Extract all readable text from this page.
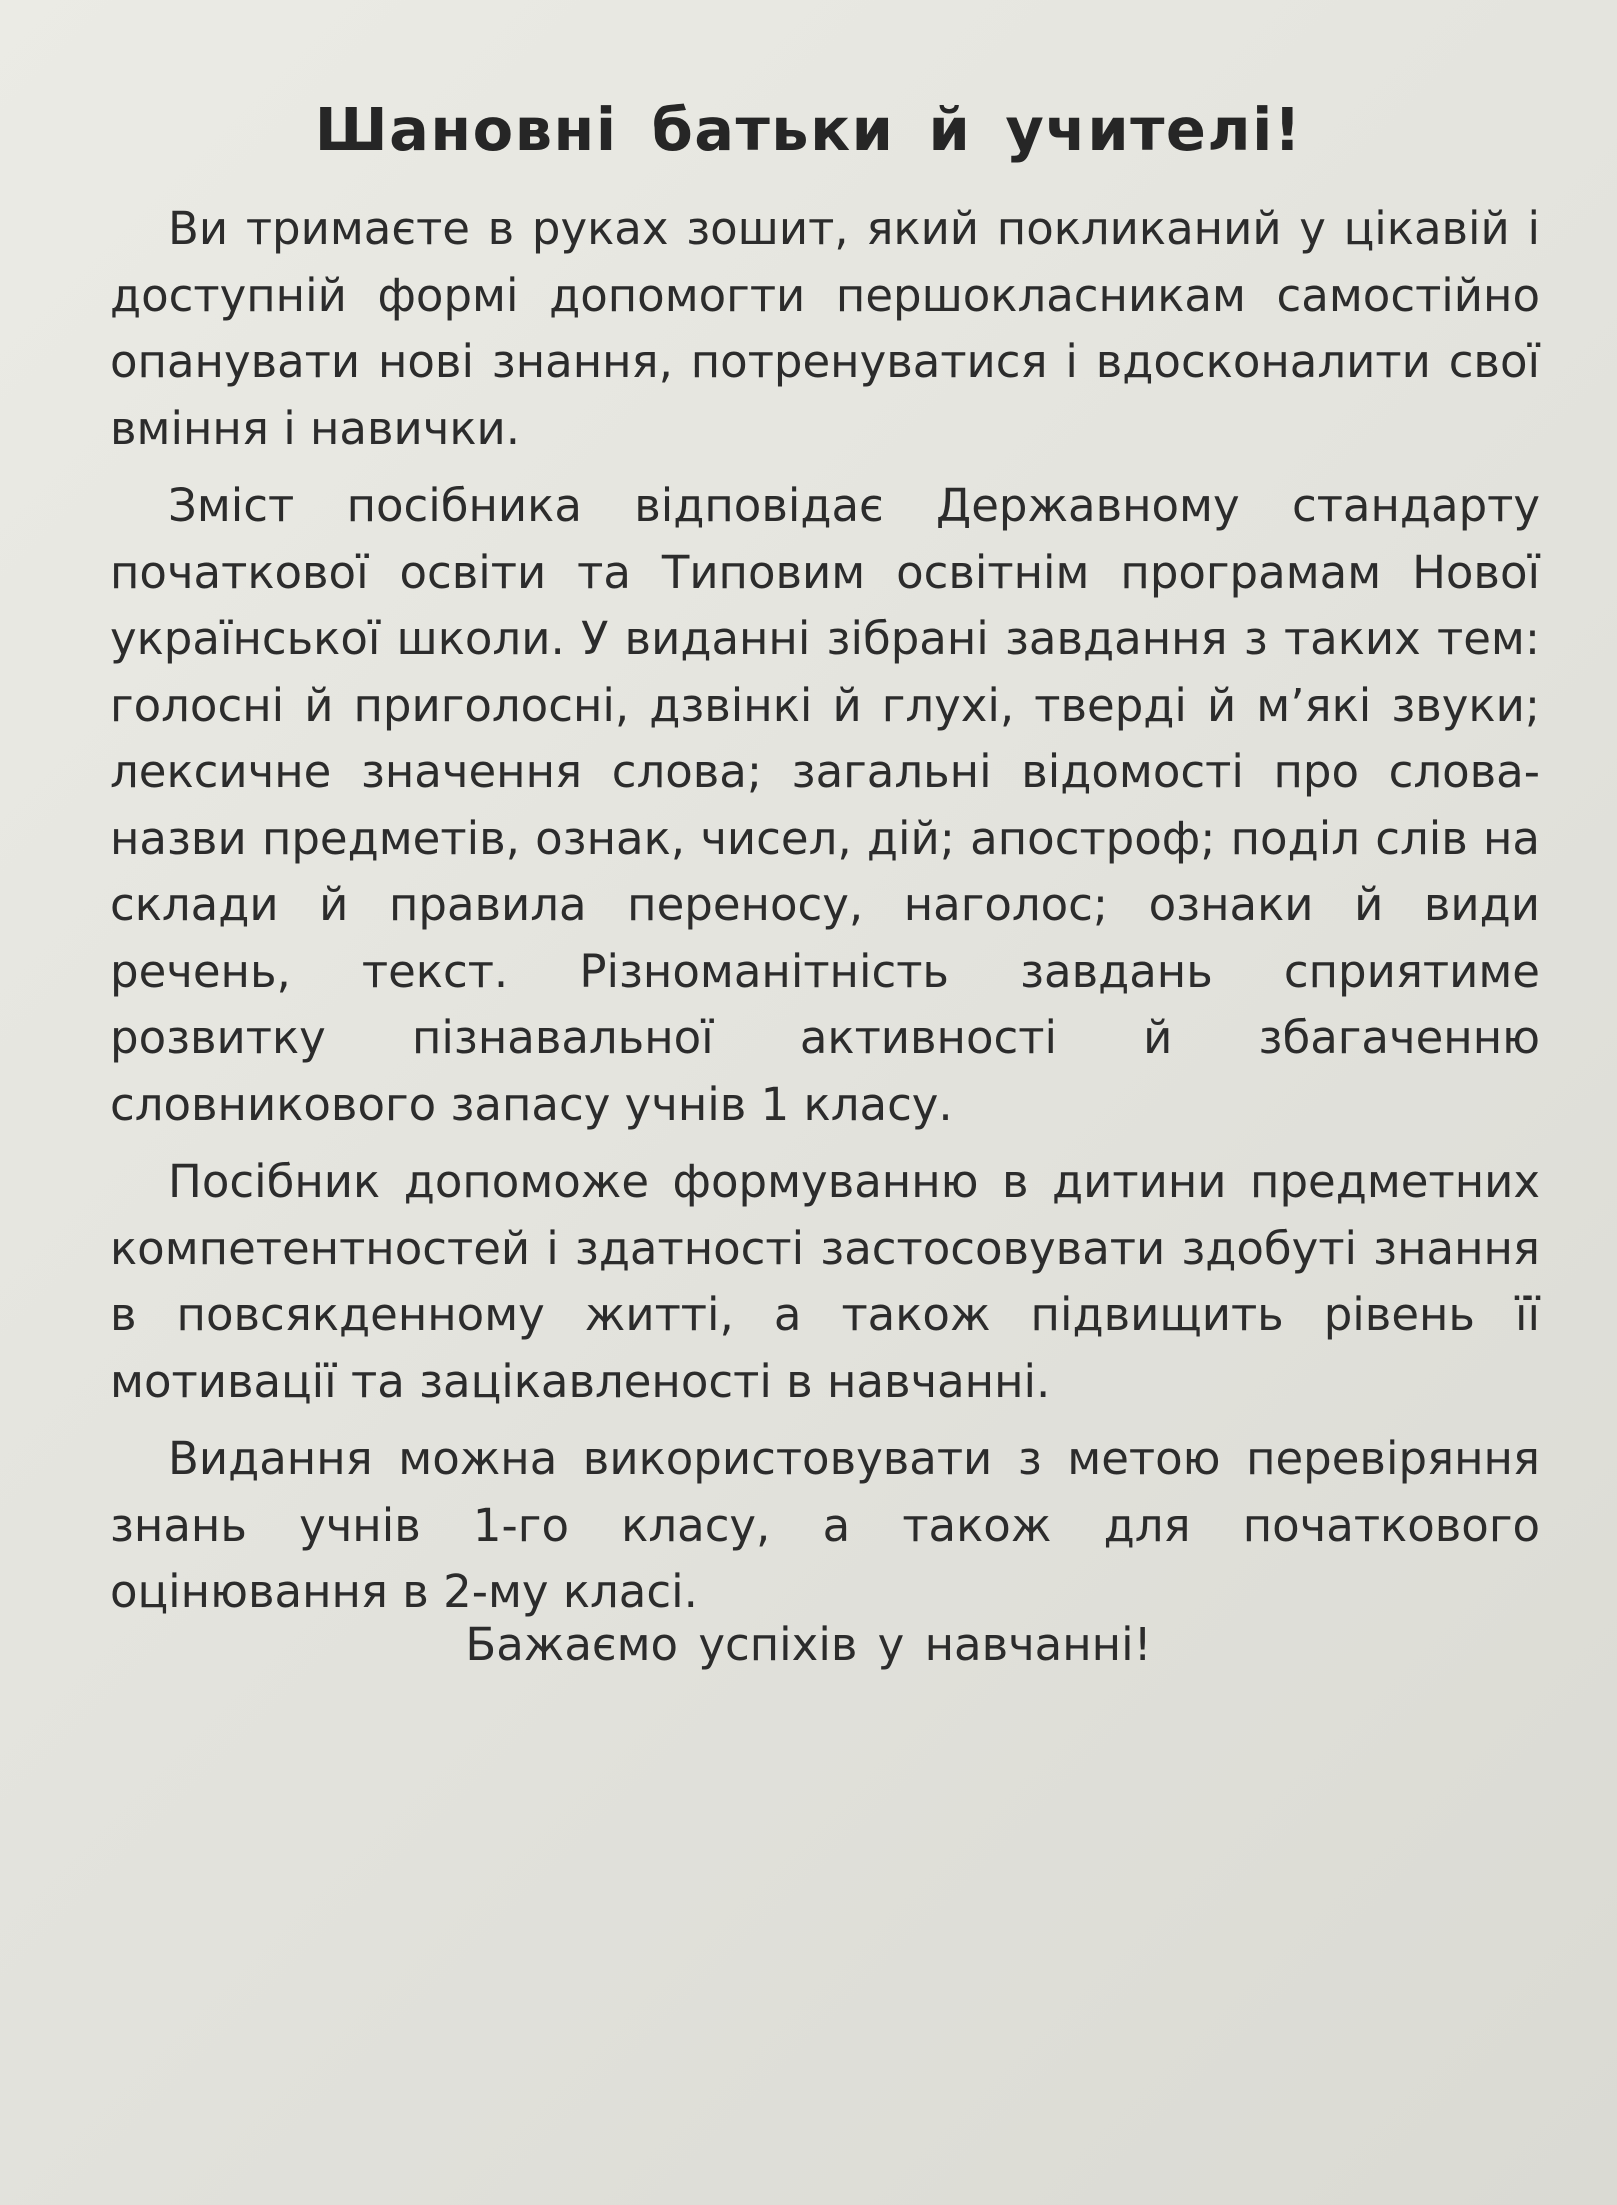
Шановні батьки й учителі!

Ви тримаєте в руках зошит, який покликаний у цікавій і доступній формі допомогти першокласникам самостійно опанувати нові знання, потренуватися і вдосконалити свої вміння і навички.

Зміст посібника відповідає Державному стандарту початкової освіти та Типовим освітнім програмам Нової української школи. У виданні зібрані завдання з таких тем: голосні й приголосні, дзвінкі й глухі, тверді й м’які звуки; лексичне значення слова; загальні відомості про слова-назви предметів, ознак, чисел, дій; апостроф; поділ слів на склади й правила переносу, наголос; ознаки й види речень, текст. Різноманітність завдань сприятиме розвитку пізнавальної активності й збагаченню словникового запасу учнів 1 класу.

Посібник допоможе формуванню в дитини предметних компетентностей і здатності застосовувати здобуті знання в повсякденному житті, а також підвищить рівень її мотивації та зацікавленості в навчанні.

Видання можна використовувати з метою перевіряння знань учнів 1-го класу, а також для початкового оцінювання в 2-му класі.

Бажаємо успіхів у навчанні!
